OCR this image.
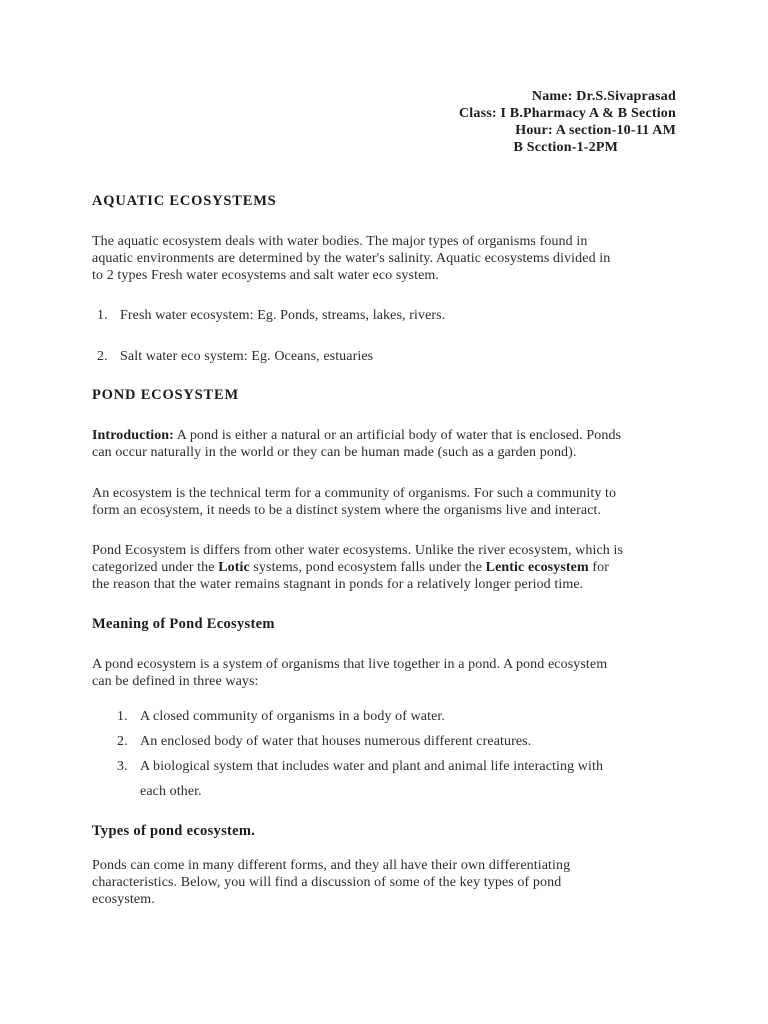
Name: Dr.S.Sivaprasad
Class: I B.Pharmacy A & B Section
Hour: A section-10-11 AM
B Scction-1-2PM
AQUATIC ECOSYSTEMS
The aquatic ecosystem deals with water bodies. The major types of organisms found in
aquatic environments are determined by the water's salinity. Aquatic ecosystems divided in
to 2 types Fresh water ecosystems and salt water eco system.
1. Fresh water ecosystem: Eg. Ponds, streams, lakes, rivers.
2. Salt water eco system: Eg. Oceans, estuaries
POND ECOSYSTEM
Introduction: A pond is either a natural or an artificial body of water that is enclosed. Ponds
can occur naturally in the world or they can be human made (such as a garden pond).
An ecosystem is the technical term for a community of organisms. For such a community to
form an ecosystem, it needs to be a distinct system where the organisms live and interact.
Pond Ecosystem is differs from other water ecosystems. Unlike the river ecosystem, which is
categorized under the Lotic systems, pond ecosystem falls under the Lentic ecosystem for
the reason that the water remains stagnant in ponds for a relatively longer period time.
Meaning of Pond Ecosystem
A pond ecosystem is a system of organisms that live together in a pond. A pond ecosystem
can be defined in three ways:
1. A closed community of organisms in a body of water.
2. An enclosed body of water that houses numerous different creatures.
3. A biological system that includes water and plant and animal life interacting with
each other.
Types of pond ecosystem.
Ponds can come in many different forms, and they all have their own differentiating
characteristics. Below, you will find a discussion of some of the key types of pond
ecosystem.
